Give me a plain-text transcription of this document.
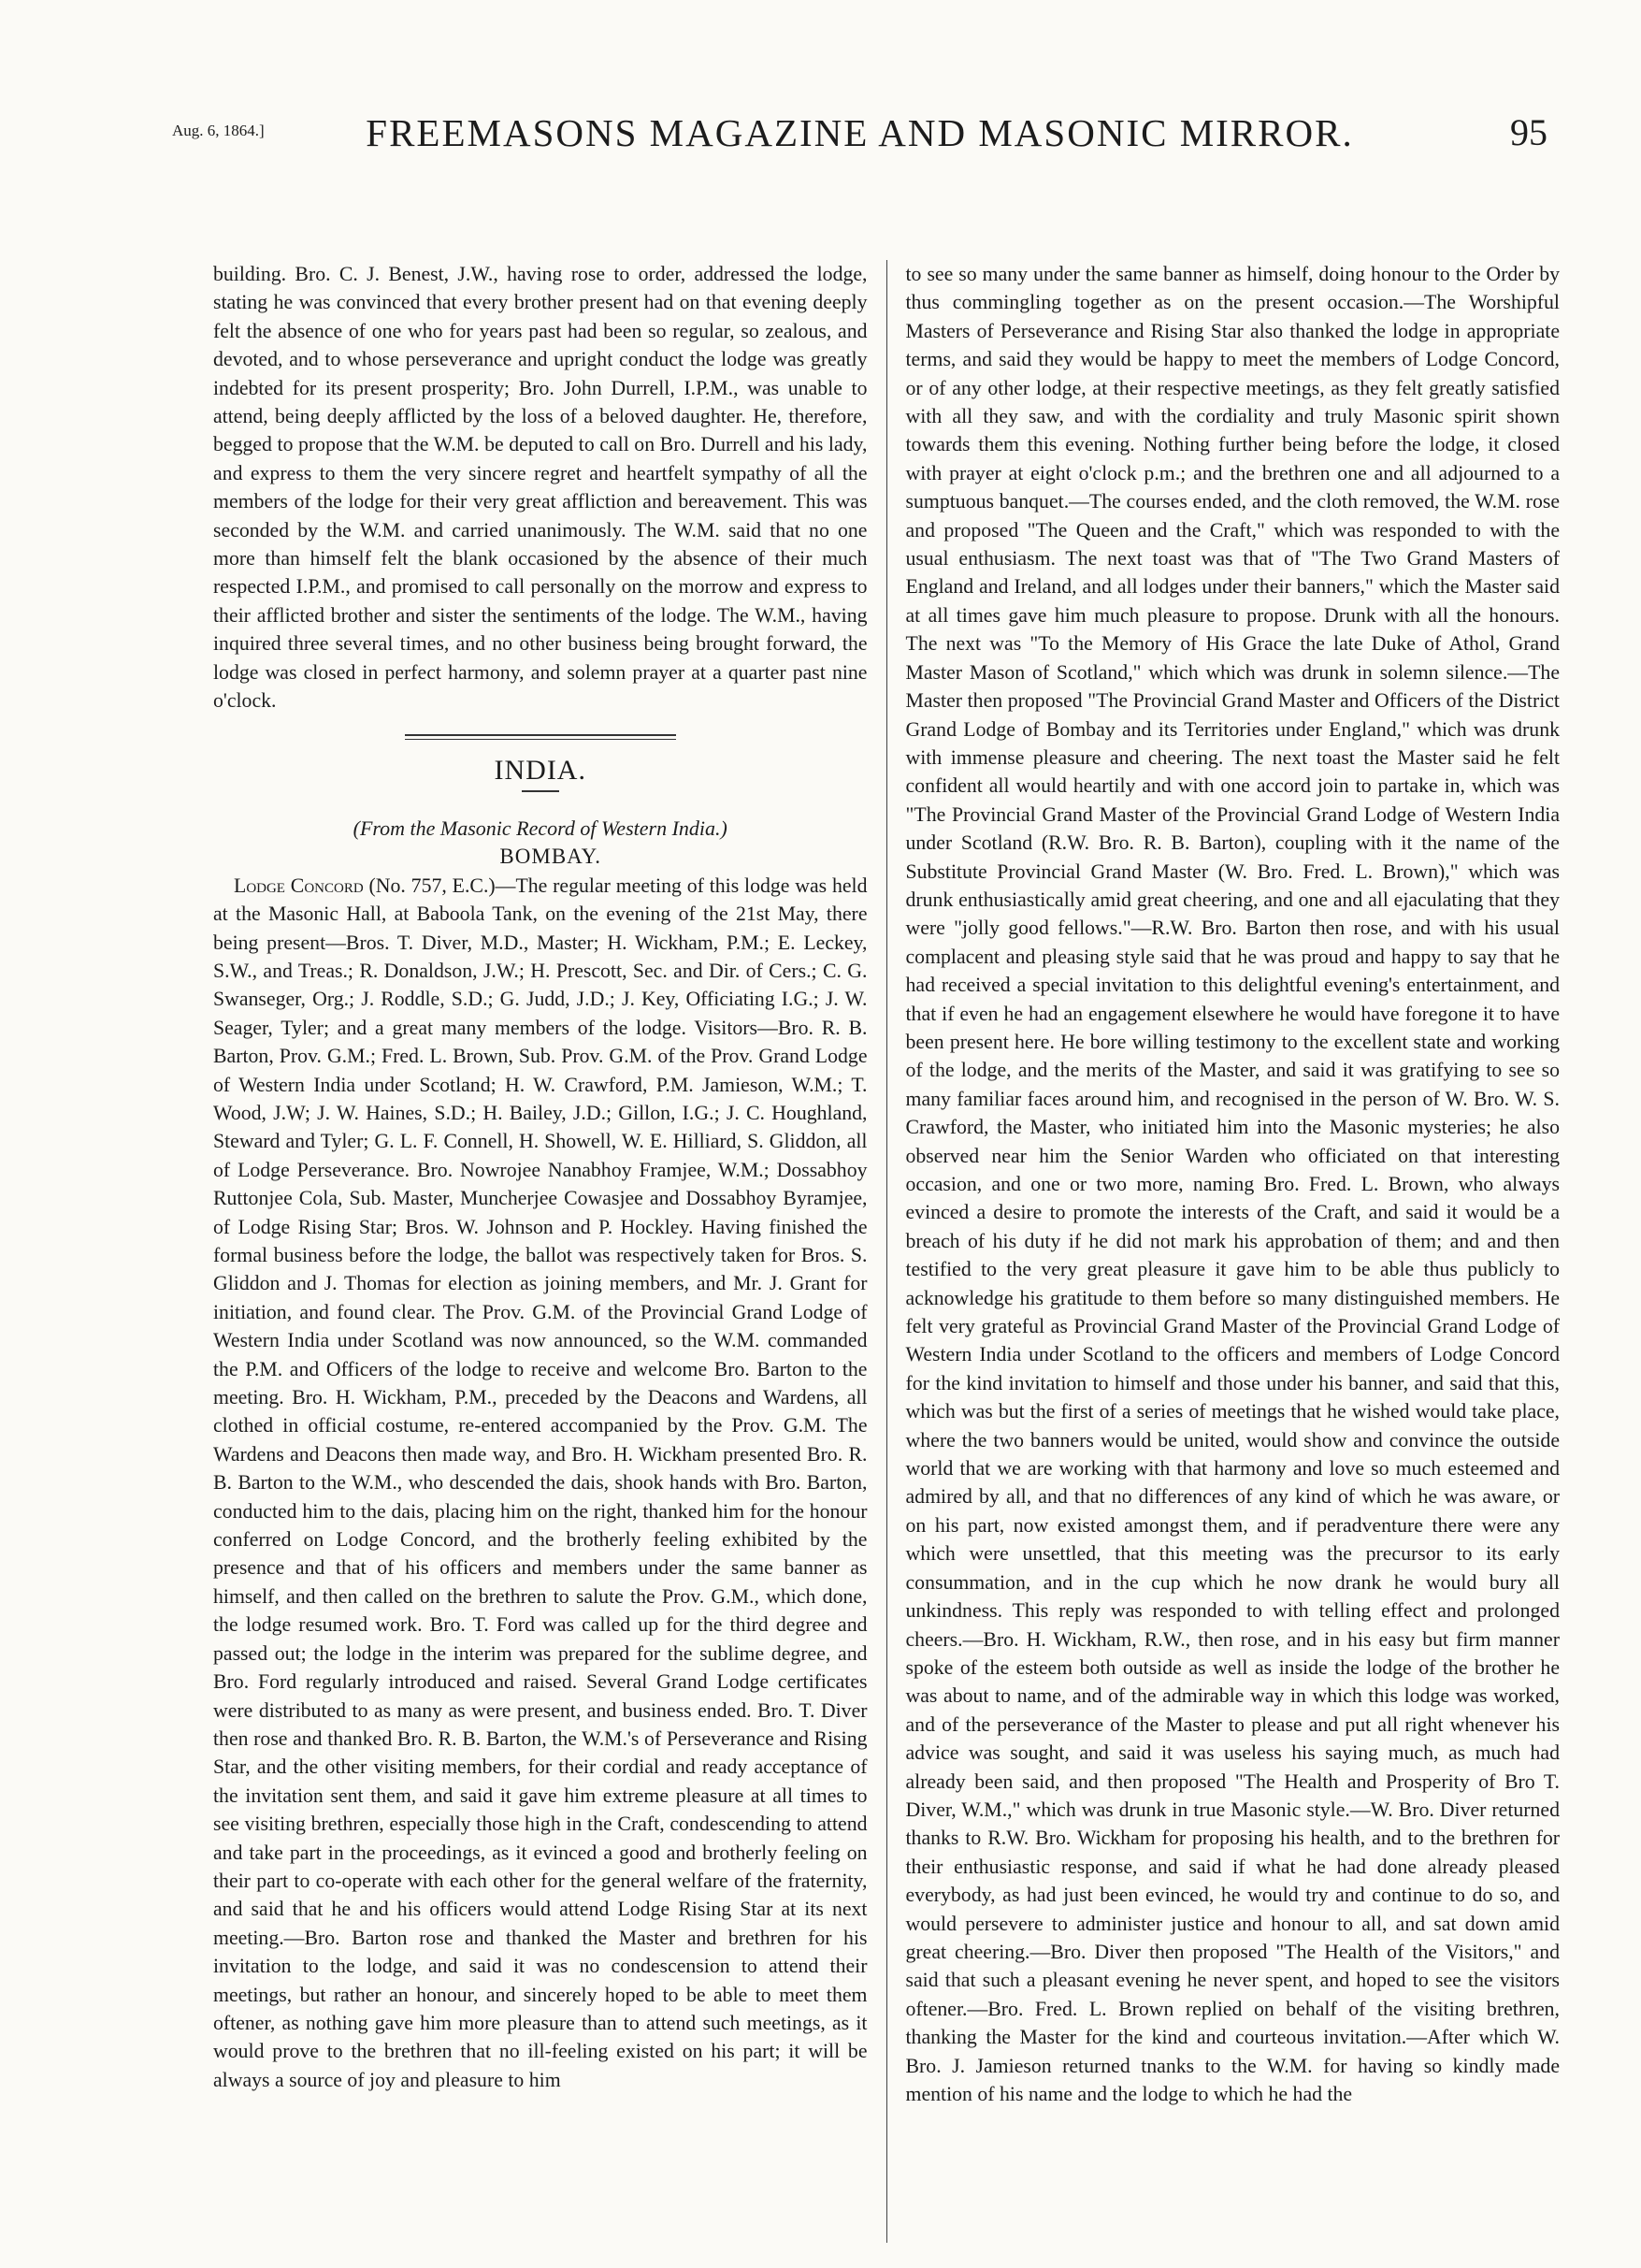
Aug. 6, 1864.]	FREEMASONS MAGAZINE AND MASONIC MIRROR.	95

building. Bro. C. J. Benest, J.W., having rose to order, addressed the lodge, stating he was convinced that every brother present had on that evening deeply felt the absence of one who for years past had been so regular, so zealous, and devoted, and to whose perseverance and upright conduct the lodge was greatly indebted for its present prosperity; Bro. John Durrell, I.P.M., was unable to attend, being deeply afflicted by the loss of a beloved daughter. He, therefore, begged to propose that the W.M. be deputed to call on Bro. Durrell and his lady, and express to them the very sincere regret and heartfelt sympathy of all the members of the lodge for their very great affliction and bereavement. This was seconded by the W.M. and carried unanimously. The W.M. said that no one more than himself felt the blank occasioned by the absence of their much respected I.P.M., and promised to call personally on the morrow and express to their afflicted brother and sister the sentiments of the lodge. The W.M., having inquired three several times, and no other business being brought forward, the lodge was closed in perfect harmony, and solemn prayer at a quarter past nine o'clock.

INDIA.

(From the Masonic Record of Western India.)

BOMBAY.

Lodge Concord (No. 757, E.C.)—The regular meeting of this lodge was held at the Masonic Hall, at Baboola Tank, on the evening of the 21st May, there being present—Bros. T. Diver, M.D., Master; H. Wickham, P.M.; E. Leckey, S.W., and Treas.; R. Donaldson, J.W.; H. Prescott, Sec. and Dir. of Cers.; C. G. Swanseger, Org.; J. Roddle, S.D.; G. Judd, J.D.; J. Key, Officiating I.G.; J. W. Seager, Tyler; and a great many members of the lodge. Visitors—Bro. R. B. Barton, Prov. G.M.; Fred. L. Brown, Sub. Prov. G.M. of the Prov. Grand Lodge of Western India under Scotland; H. W. Crawford, P.M. Jamieson, W.M.; T. Wood, J.W; J. W. Haines, S.D.; H. Bailey, J.D.; Gillon, I.G.; J. C. Houghland, Steward and Tyler; G. L. F. Connell, H. Showell, W. E. Hilliard, S. Gliddon, all of Lodge Perseverance. Bro. Nowrojee Nanabhoy Framjee, W.M.; Dossabhoy Ruttonjee Cola, Sub. Master, Muncherjee Cowasjee and Dossabhoy Byramjee, of Lodge Rising Star; Bros. W. Johnson and P. Hockley. Having finished the formal business before the lodge, the ballot was respectively taken for Bros. S. Gliddon and J. Thomas for election as joining members, and Mr. J. Grant for initiation, and found clear. The Prov. G.M. of the Provincial Grand Lodge of Western India under Scotland was now announced, so the W.M. commanded the P.M. and Officers of the lodge to receive and welcome Bro. Barton to the meeting. Bro. H. Wickham, P.M., preceded by the Deacons and Wardens, all clothed in official costume, re-entered accompanied by the Prov. G.M. The Wardens and Deacons then made way, and Bro. H. Wickham presented Bro. R. B. Barton to the W.M., who descended the dais, shook hands with Bro. Barton, conducted him to the dais, placing him on the right, thanked him for the honour conferred on Lodge Concord, and the brotherly feeling exhibited by the presence and that of his officers and members under the same banner as himself, and then called on the brethren to salute the Prov. G.M., which done, the lodge resumed work. Bro. T. Ford was called up for the third degree and passed out; the lodge in the interim was prepared for the sublime degree, and Bro. Ford regularly introduced and raised. Several Grand Lodge certificates were distributed to as many as were present, and business ended. Bro. T. Diver then rose and thanked Bro. R. B. Barton, the W.M.'s of Perseverance and Rising Star, and the other visiting members, for their cordial and ready acceptance of the invitation sent them, and said it gave him extreme pleasure at all times to see visiting brethren, especially those high in the Craft, condescending to attend and take part in the proceedings, as it evinced a good and brotherly feeling on their part to co-operate with each other for the general welfare of the fraternity, and said that he and his officers would attend Lodge Rising Star at its next meeting.—Bro. Barton rose and thanked the Master and brethren for his invitation to the lodge, and said it was no condescension to attend their meetings, but rather an honour, and sincerely hoped to be able to meet them oftener, as nothing gave him more pleasure than to attend such meetings, as it would prove to the brethren that no ill-feeling existed on his part; it will be always a source of joy and pleasure to him

to see so many under the same banner as himself, doing honour to the Order by thus commingling together as on the present occasion.—The Worshipful Masters of Perseverance and Rising Star also thanked the lodge in appropriate terms, and said they would be happy to meet the members of Lodge Concord, or of any other lodge, at their respective meetings, as they felt greatly satisfied with all they saw, and with the cordiality and truly Masonic spirit shown towards them this evening. Nothing further being before the lodge, it closed with prayer at eight o'clock p.m.; and the brethren one and all adjourned to a sumptuous banquet.—The courses ended, and the cloth removed, the W.M. rose and proposed "The Queen and the Craft," which was responded to with the usual enthusiasm. The next toast was that of "The Two Grand Masters of England and Ireland, and all lodges under their banners," which the Master said at all times gave him much pleasure to propose. Drunk with all the honours. The next was "To the Memory of His Grace the late Duke of Athol, Grand Master Mason of Scotland," which which was drunk in solemn silence.—The Master then proposed "The Provincial Grand Master and Officers of the District Grand Lodge of Bombay and its Territories under England," which was drunk with immense pleasure and cheering. The next toast the Master said he felt confident all would heartily and with one accord join to partake in, which was "The Provincial Grand Master of the Provincial Grand Lodge of Western India under Scotland (R.W. Bro. R. B. Barton), coupling with it the name of the Substitute Provincial Grand Master (W. Bro. Fred. L. Brown)," which was drunk enthusiastically amid great cheering, and one and all ejaculating that they were "jolly good fellows."—R.W. Bro. Barton then rose, and with his usual complacent and pleasing style said that he was proud and happy to say that he had received a special invitation to this delightful evening's entertainment, and that if even he had an engagement elsewhere he would have foregone it to have been present here. He bore willing testimony to the excellent state and working of the lodge, and the merits of the Master, and said it was gratifying to see so many familiar faces around him, and recognised in the person of W. Bro. W. S. Crawford, the Master, who initiated him into the Masonic mysteries; he also observed near him the Senior Warden who officiated on that interesting occasion, and one or two more, naming Bro. Fred. L. Brown, who always evinced a desire to promote the interests of the Craft, and said it would be a breach of his duty if he did not mark his approbation of them; and and then testified to the very great pleasure it gave him to be able thus publicly to acknowledge his gratitude to them before so many distinguished members. He felt very grateful as Provincial Grand Master of the Provincial Grand Lodge of Western India under Scotland to the officers and members of Lodge Concord for the kind invitation to himself and those under his banner, and said that this, which was but the first of a series of meetings that he wished would take place, where the two banners would be united, would show and convince the outside world that we are working with that harmony and love so much esteemed and admired by all, and that no differences of any kind of which he was aware, or on his part, now existed amongst them, and if peradventure there were any which were unsettled, that this meeting was the precursor to its early consummation, and in the cup which he now drank he would bury all unkindness. This reply was responded to with telling effect and prolonged cheers.—Bro. H. Wickham, R.W., then rose, and in his easy but firm manner spoke of the esteem both outside as well as inside the lodge of the brother he was about to name, and of the admirable way in which this lodge was worked, and of the perseverance of the Master to please and put all right whenever his advice was sought, and said it was useless his saying much, as much had already been said, and then proposed "The Health and Prosperity of Bro T. Diver, W.M.," which was drunk in true Masonic style.—W. Bro. Diver returned thanks to R.W. Bro. Wickham for proposing his health, and to the brethren for their enthusiastic response, and said if what he had done already pleased everybody, as had just been evinced, he would try and continue to do so, and would persevere to administer justice and honour to all, and sat down amid great cheering.—Bro. Diver then proposed "The Health of the Visitors," and said that such a pleasant evening he never spent, and hoped to see the visitors oftener.—Bro. Fred. L. Brown replied on behalf of the visiting brethren, thanking the Master for the kind and courteous invitation.—After which W. Bro. J. Jamieson returned tnanks to the W.M. for having so kindly made mention of his name and the lodge to which he had the
